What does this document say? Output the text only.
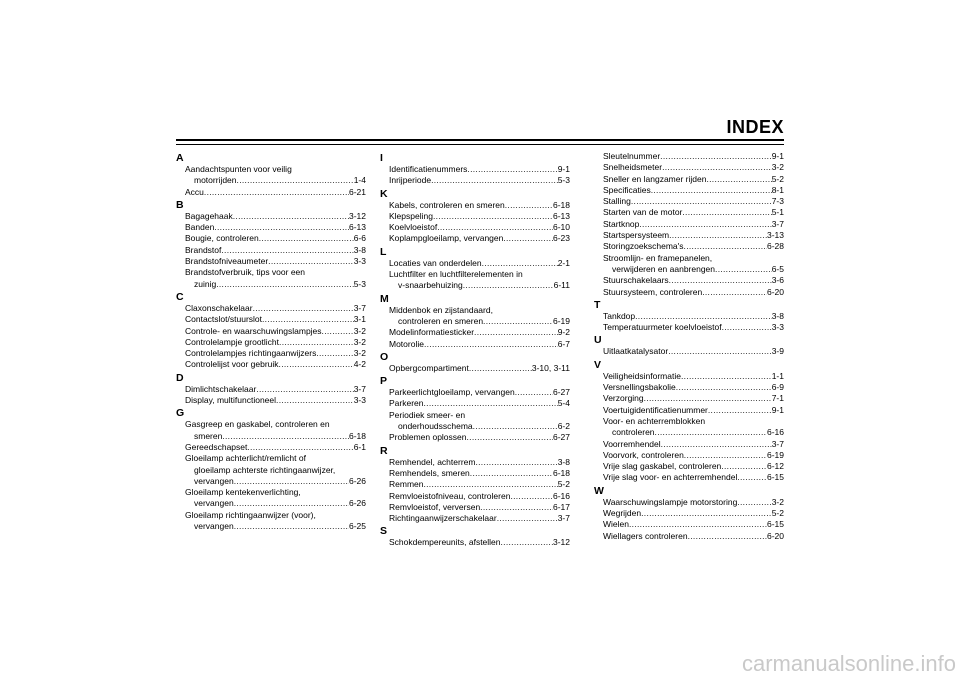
INDEX
A
Aandachtspunten voor veilig
motorrijden .....	1-4
Accu .....	6-21
B
Bagagehaak .....	3-12
Banden .....	6-13
Bougie, controleren .....	6-6
Brandstof .....	3-8
Brandstofniveaumeter .....	3-3
Brandstofverbruik, tips voor een
zuinig .....	5-3
C
Claxonschakelaar .....	3-7
Contactslot/stuurslot .....	3-1
Controle- en waarschuwingslampjes .....	3-2
Controlelampje grootlicht .....	3-2
Controlelampjes richtingaanwijzers .....	3-2
Controlelijst voor gebruik .....	4-2
D
Dimlichtschakelaar .....	3-7
Display, multifunctioneel .....	3-3
G
Gasgreep en gaskabel, controleren en
smeren .....	6-18
Gereedschapset .....	6-1
Gloeilamp achterlicht/remlicht of
gloeilamp achterste richtingaanwijzer,
vervangen .....	6-26
Gloeilamp kentekenverlichting,
vervangen .....	6-26
Gloeilamp richtingaanwijzer (voor),
vervangen .....	6-25
I
Identificatienummers .....	9-1
Inrijperiode .....	5-3
K
Kabels, controleren en smeren .....	6-18
Klepspeling .....	6-13
Koelvloeistof .....	6-10
Koplampgloeilamp, vervangen .....	6-23
L
Locaties van onderdelen .....	2-1
Luchtfilter en luchtfilterelementen in
v-snaarbehuizing .....	6-11
M
Middenbok en zijstandaard,
controleren en smeren .....	6-19
Modelinformatiesticker .....	9-2
Motorolie .....	6-7
O
Opbergcompartiment .....	3-10, 3-11
P
Parkeerlichtgloeilamp, vervangen .....	6-27
Parkeren .....	5-4
Periodiek smeer- en
onderhoudsschema .....	6-2
Problemen oplossen .....	6-27
R
Remhendel, achterrem .....	3-8
Remhendels, smeren .....	6-18
Remmen .....	5-2
Remvloeistofniveau, controleren .....	6-16
Remvloeistof, verversen .....	6-17
Richtingaanwijzerschakelaar .....	3-7
S
Schokdempereunits, afstellen .....	3-12
Sleutelnummer .....	9-1
Snelheidsmeter .....	3-2
Sneller en langzamer rijden .....	5-2
Specificaties .....	8-1
Stalling .....	7-3
Starten van de motor .....	5-1
Startknop .....	3-7
Startspersysteem .....	3-13
Storingzoekschema's .....	6-28
Stroomlijn- en framepanelen,
verwijderen en aanbrengen .....	6-5
Stuurschakelaars .....	3-6
Stuursysteem, controleren .....	6-20
T
Tankdop .....	3-8
Temperatuurmeter koelvloeistof .....	3-3
U
Uitlaatkatalysator .....	3-9
V
Veiligheidsinformatie .....	1-1
Versnellingsbakolie .....	6-9
Verzorging .....	7-1
Voertuigidentificatienummer .....	9-1
Voor- en achterremblokken
controleren .....	6-16
Voorremhendel .....	3-7
Voorvork, controleren .....	6-19
Vrije slag gaskabel, controleren .....	6-12
Vrije slag voor- en achterremhendel .....	6-15
W
Waarschuwingslampje motorstoring .....	3-2
Wegrijden .....	5-2
Wielen .....	6-15
Wiellagers controleren .....	6-20
carmanualsonline.info
